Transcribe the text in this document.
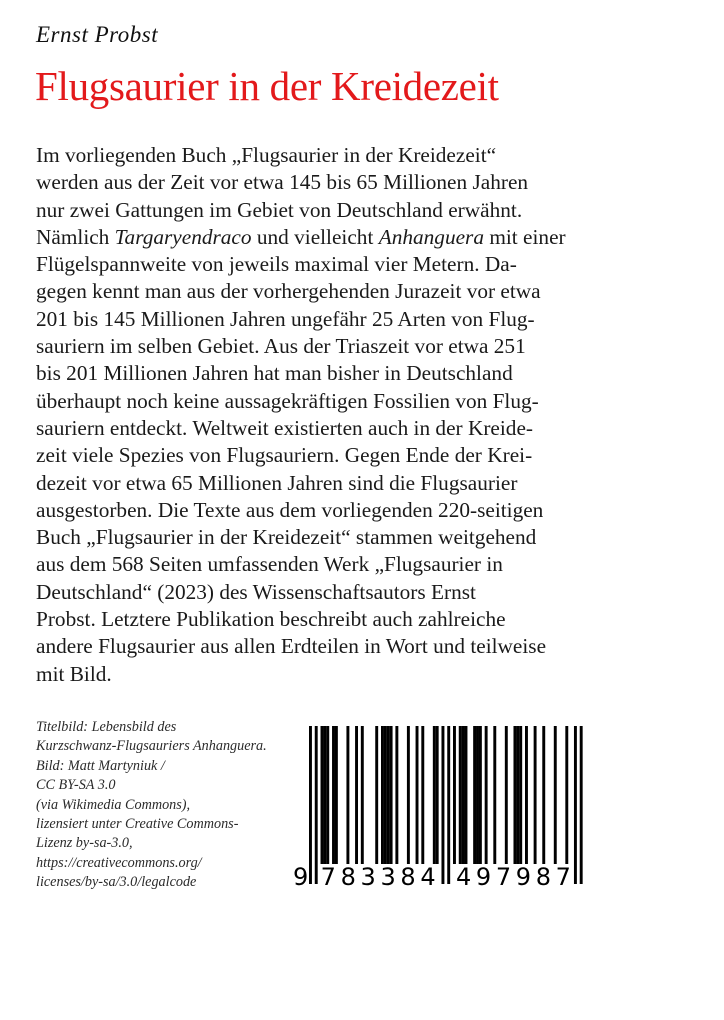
Ernst Probst
Flugsaurier in der Kreidezeit
Im vorliegenden Buch „Flugsaurier in der Kreidezeit“
werden aus der Zeit vor etwa 145 bis 65 Millionen Jahren
nur zwei Gattungen im Gebiet von Deutschland erwähnt.
Nämlich Targaryendraco und vielleicht Anhanguera mit einer
Flügelspannweite von jeweils maximal vier Metern. Da-
gegen kennt man aus der vorhergehenden Jurazeit vor etwa
201 bis 145 Millionen Jahren ungefähr 25 Arten von Flug-
sauriern im selben Gebiet. Aus der Triaszeit vor etwa 251
bis 201 Millionen Jahren hat man bisher in Deutschland
überhaupt noch keine aussagekräftigen Fossilien von Flug-
sauriern entdeckt. Weltweit existierten auch in der Kreide-
zeit viele Spezies von Flugsauriern. Gegen Ende der Krei-
dezeit vor etwa 65 Millionen Jahren sind die Flugsaurier
ausgestorben. Die Texte aus dem vorliegenden 220-seitigen
Buch „Flugsaurier in der Kreidezeit“ stammen weitgehend
aus dem 568 Seiten umfassenden Werk „Flugsaurier in
Deutschland“ (2023) des Wissenschaftsautors Ernst
Probst. Letztere Publikation beschreibt auch zahlreiche
andere Flugsaurier aus allen Erdteilen in Wort und teilweise
mit Bild.
Titelbild: Lebensbild des
Kurzschwanz-Flugsauriers Anhanguera.
Bild: Matt Martyniuk /
CC BY-SA 3.0
(via Wikimedia Commons),
lizensiert unter Creative Commons-
Lizenz by-sa-3.0,
https://creativecommons.org/
licenses/by-sa/3.0/legalcode	9 783384 497987
